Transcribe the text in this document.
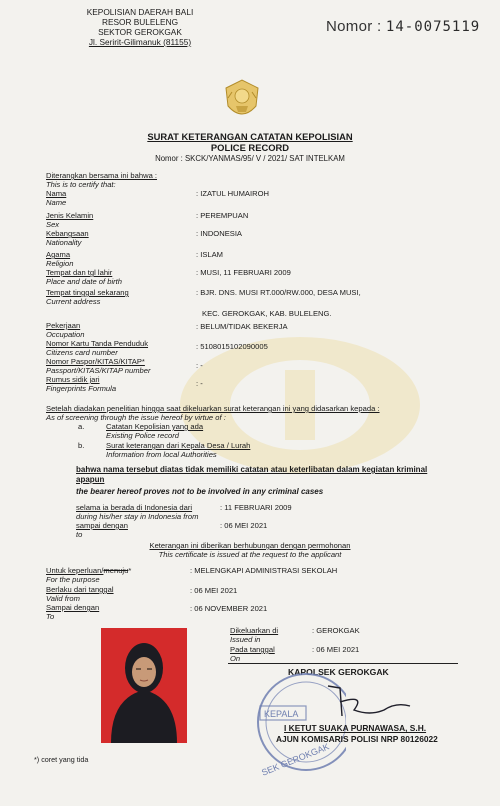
KEPOLISIAN DAERAH BALI
RESOR BULELENG
SEKTOR GEROKGAK
Jl. Seririt-Gilimanuk (81155)
Nomor : 14-0075119
SURAT KETERANGAN CATATAN KEPOLISIAN
POLICE RECORD
Nomor : SKCK/YANMAS/95/ V / 2021/ SAT INTELKAM
Diterangkan bersama ini bahwa :
This is to certify that:
Nama
Name
: IZATUL HUMAIROH
Jenis Kelamin
Sex
: PEREMPUAN
Kebangsaan
Nationality
: INDONESIA
Agama
Religion
: ISLAM
Tempat dan tgl lahir
Place and date of birth
: MUSI, 11 FEBRUARI 2009
Tempat tinggal sekarang
Current address
: BJR. DNS. MUSI RT.000/RW.000, DESA MUSI,
KEC. GEROKGAK, KAB. BULELENG.
Pekerjaan
Occupation
: BELUM/TIDAK BEKERJA
Nomor Kartu Tanda Penduduk
Citizens card number
: 5108015102090005
Nomor Paspor/KITAS/KITAP*
Passport/KITAS/KITAP number
: -
Rumus sidik jari
Fingerprints Formula
: -
Setelah diadakan penelitian hingga saat dikeluarkan surat keterangan ini yang didasarkan kepada :
As of screening through the issue hereof by virtue of :
a.	Catatan Kepolisian yang ada
Existing Police record
b.	Surat keterangan dari Kepala Desa / Lurah
Information from local Authorities
bahwa nama tersebut diatas tidak memiliki catatan atau keterlibatan dalam kegiatan kriminal
apapun
the bearer hereof proves not to be involved in any criminal cases
selama ia berada di Indonesia dari
during his/her stay in Indonesia from
: 11 FEBRUARI 2009
sampai dengan
to
: 06 MEI 2021
Keterangan ini diberikan berhubungan dengan permohonan
This certificate is issued at the request to the applicant
Untuk keperluan/menuju*
For the purpose
: MELENGKAPI ADMINISTRASI SEKOLAH
Berlaku dari tanggal
Valid from
: 06 MEI 2021
Sampai dengan
To
: 06 NOVEMBER 2021
Dikeluarkan di
Issued in
: GEROKGAK
Pada tanggal
On
: 06 MEI 2021
KAPOLSEK GEROKGAK
KEPALA
SEK GEROKGAK
I KETUT SUAKA PURNAWASA, S.H.
AJUN KOMISARIS POLISI NRP 80126022
*) coret yang tida
